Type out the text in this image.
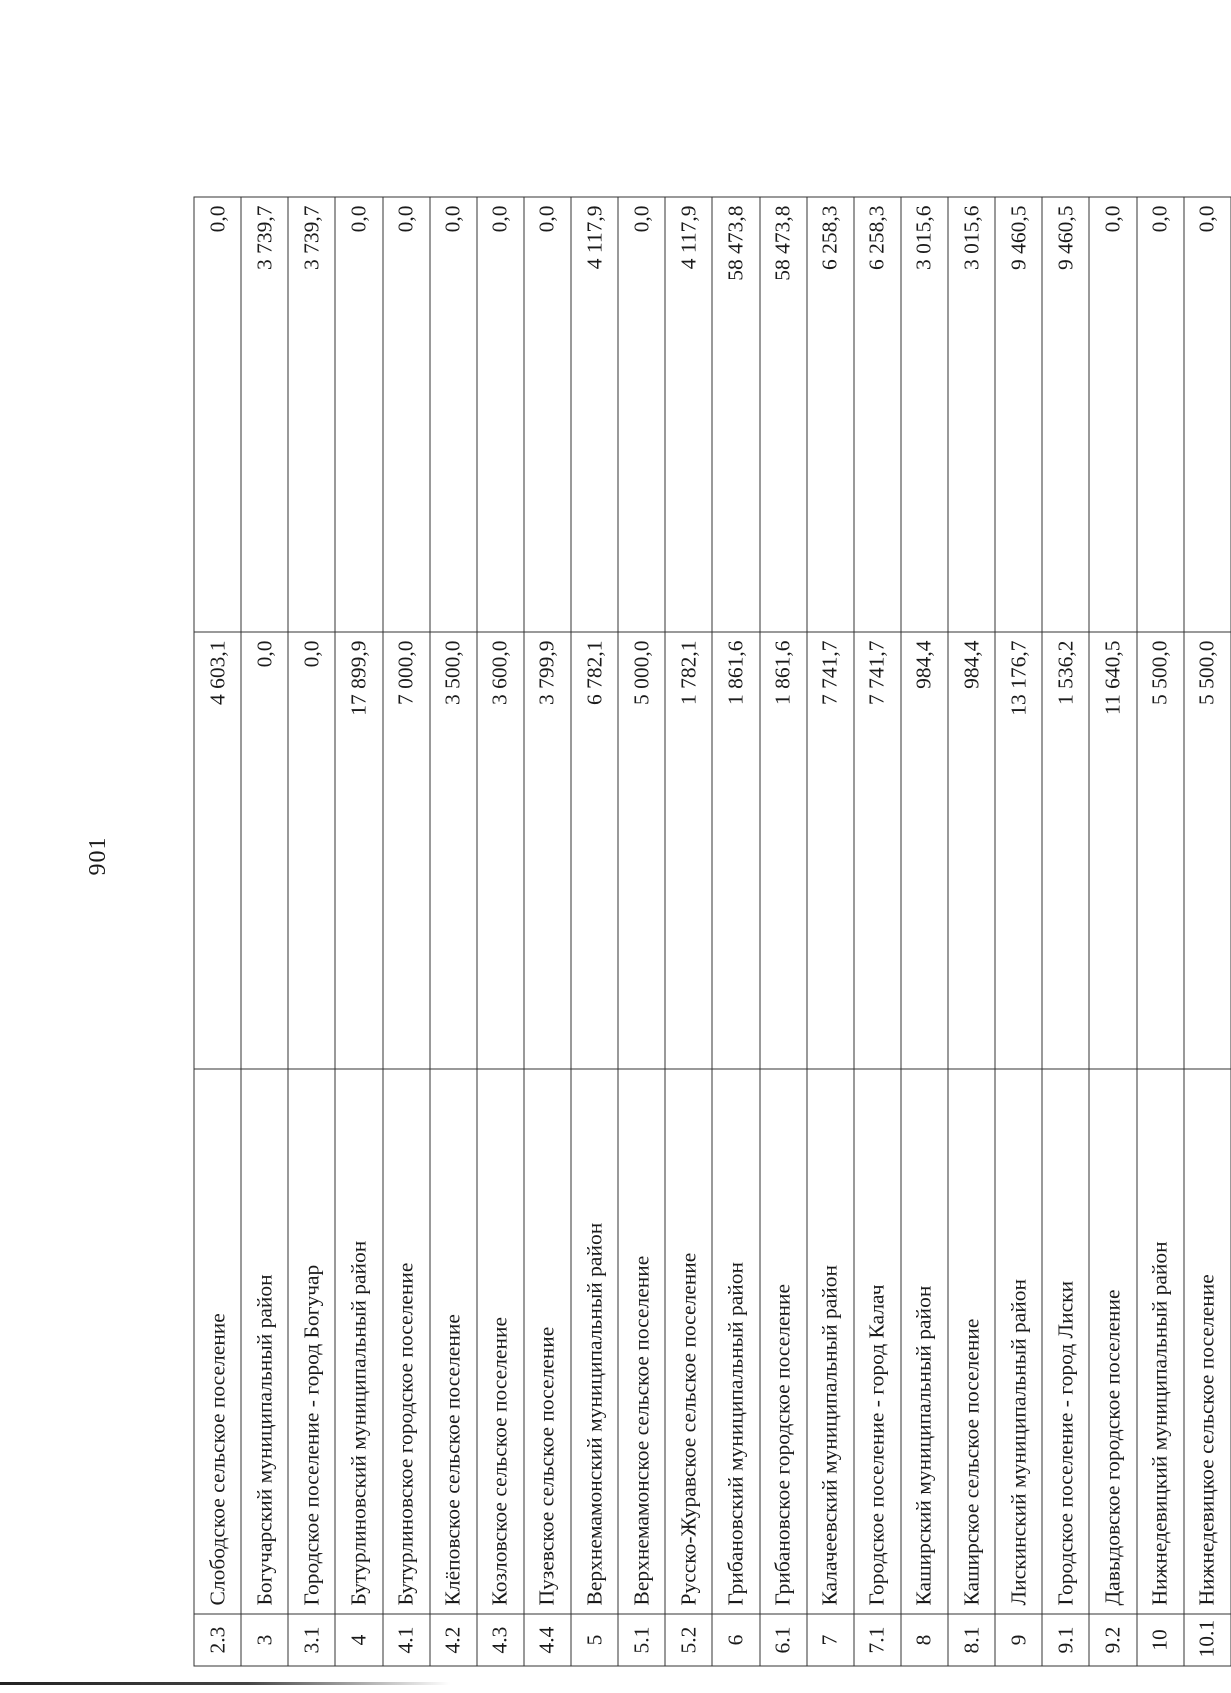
901
2.3	Слободское сельское поселение	4 603,1	0,0
3	Богучарский муниципальный район	0,0	3 739,7
3.1	Городское поселение - город Богучар	0,0	3 739,7
4	Бутурлиновский муниципальный район	17 899,9	0,0
4.1	Бутурлиновское городское поселение	7 000,0	0,0
4.2	Клёповское сельское поселение	3 500,0	0,0
4.3	Козловское сельское поселение	3 600,0	0,0
4.4	Пузевское сельское поселение	3 799,9	0,0
5	Верхнемамонский муниципальный район	6 782,1	4 117,9
5.1	Верхнемамонское сельское поселение	5 000,0	0,0
5.2	Русско-Журавское сельское поселение	1 782,1	4 117,9
6	Грибановский муниципальный район	1 861,6	58 473,8
6.1	Грибановское городское поселение	1 861,6	58 473,8
7	Калачеевский муниципальный район	7 741,7	6 258,3
7.1	Городское поселение - город Калач	7 741,7	6 258,3
8	Каширский муниципальный район	984,4	3 015,6
8.1	Каширское сельское поселение	984,4	3 015,6
9	Лискинский муниципальный район	13 176,7	9 460,5
9.1	Городское поселение - город Лиски	1 536,2	9 460,5
9.2	Давыдовское городское поселение	11 640,5	0,0
10	Нижнедевицкий муниципальный район	5 500,0	0,0
10.1	Нижнедевицкое сельское поселение	5 500,0	0,0
